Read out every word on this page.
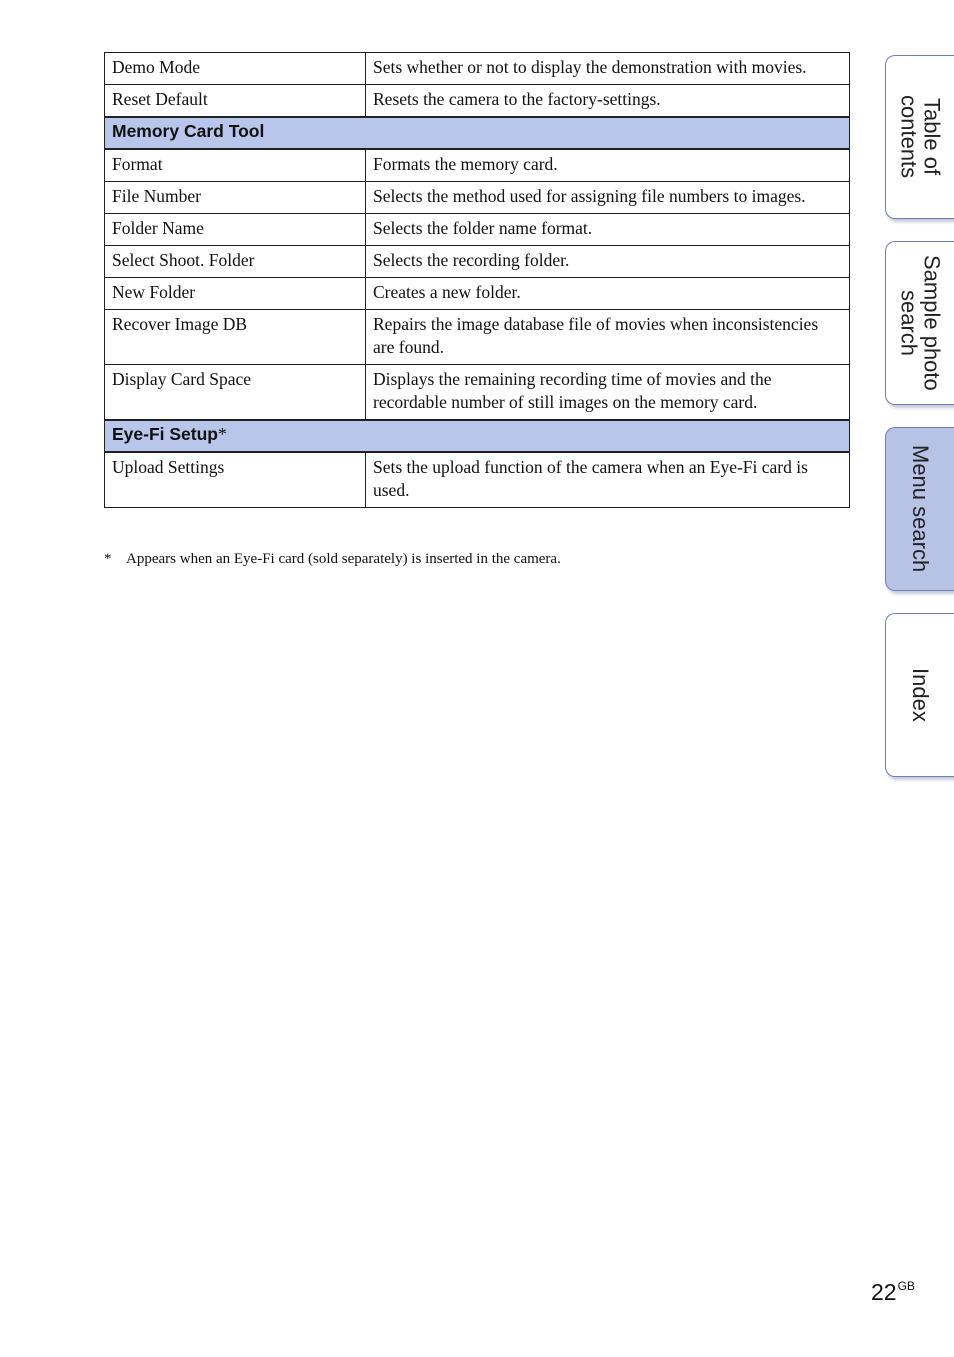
Demo Mode	Sets whether or not to display the demonstration with movies.
Reset Default	Resets the camera to the factory-settings.
Memory Card Tool	
Format	Formats the memory card.
File Number	Selects the method used for assigning file numbers to images.
Folder Name	Selects the folder name format.
Select Shoot. Folder	Selects the recording folder.
New Folder	Creates a new folder.
Recover Image DB	Repairs the image database file of movies when inconsistencies are found.
Display Card Space	Displays the remaining recording time of movies and the recordable number of still images on the memory card.
Eye-Fi Setup*	
Upload Settings	Sets the upload function of the camera when an Eye-Fi card is used.
* Appears when an Eye-Fi card (sold separately) is inserted in the camera.
Table of contents
Sample photo search
Menu search
Index
$22^{GB}$
